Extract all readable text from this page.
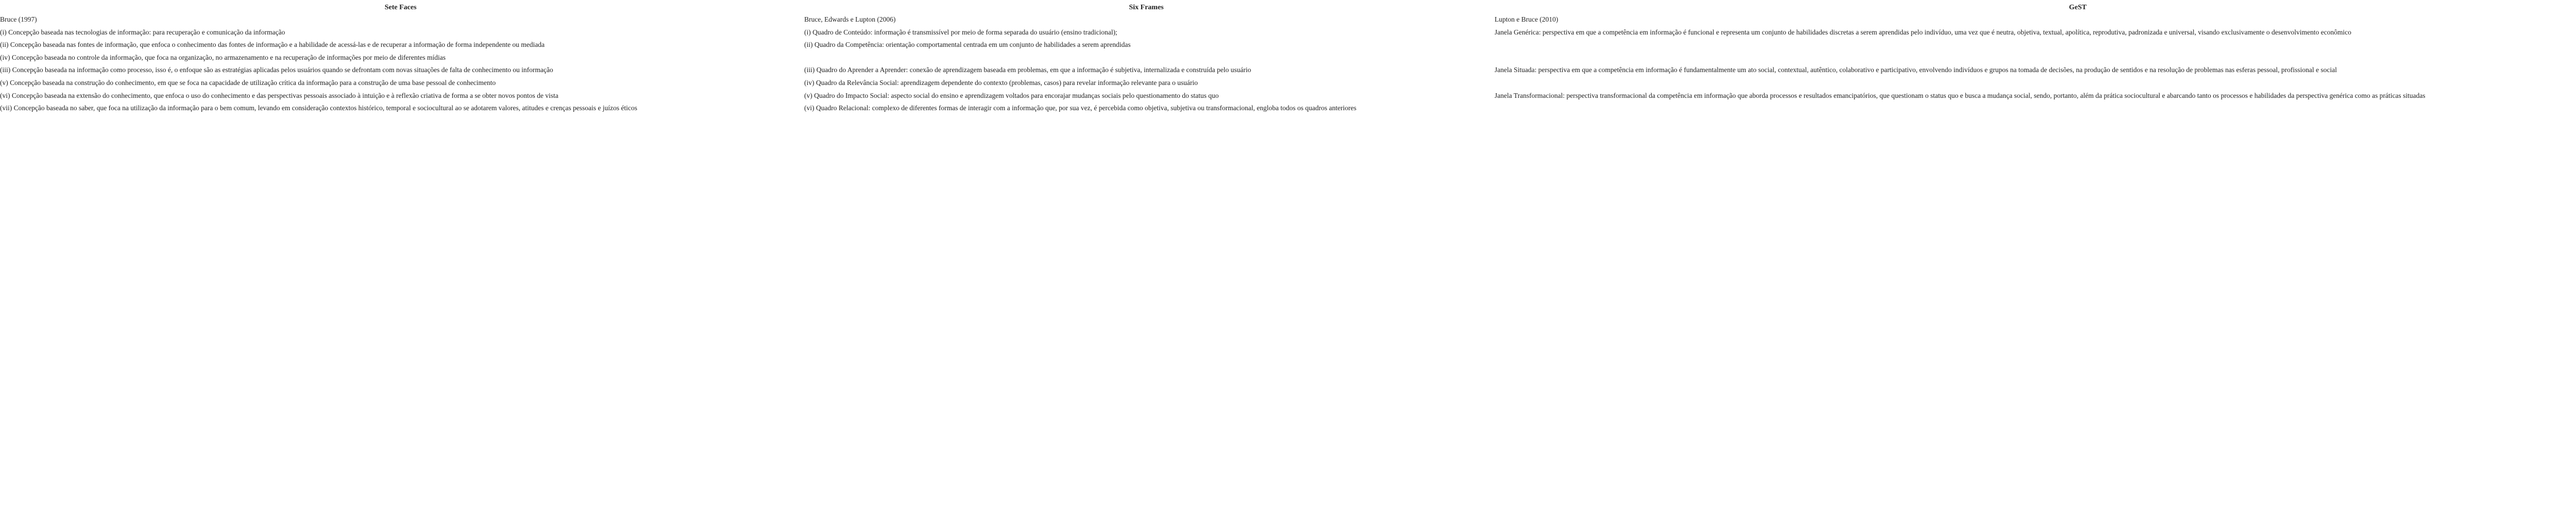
Sete Faces	Six Frames	GeST
Bruce (1997)
(i) Concepção baseada nas tecnologias de informação: para recuperação e comunicação da informação
(ii) Concepção baseada nas fontes de informação, que enfoca o conhecimento das fontes de informação e a habilidade de acessá-las e de recuperar a informação de forma independente ou mediada
(iv) Concepção baseada no controle da informação, que foca na organização, no armazenamento e na recuperação de informações por meio de diferentes mídias
(iii) Concepção baseada na informação como processo, isso é, o enfoque são as estratégias aplicadas pelos usuários quando se defrontam com novas situações de falta de conhecimento ou informação
(v) Concepção baseada na construção do conhecimento, em que se foca na capacidade de utilização crítica da informação para a construção de uma base pessoal de conhecimento
(vi) Concepção baseada na extensão do conhecimento, que enfoca o uso do conhecimento e das perspectivas pessoais associado à intuição e à reflexão criativa de forma a se obter novos pontos de vista
(vii) Concepção baseada no saber, que foca na utilização da informação para o bem comum, levando em consideração contextos histórico, temporal e sociocultural ao se adotarem valores, atitudes e crenças pessoais e juízos éticos
Bruce, Edwards e Lupton (2006)
(i) Quadro de Conteúdo: informação é transmissível por meio de forma separada do usuário (ensino tradicional);
(ii) Quadro da Competência: orientação comportamental centrada em um conjunto de habilidades a serem aprendidas
(iii) Quadro do Aprender a Aprender: conexão de aprendizagem baseada em problemas, em que a informação é subjetiva, internalizada e construída pelo usuário
(iv) Quadro da Relevância Social: aprendizagem dependente do contexto (problemas, casos) para revelar informação relevante para o usuário
(v) Quadro do Impacto Social: aspecto social do ensino e aprendizagem voltados para encorajar mudanças sociais pelo questionamento do status quo
(vi) Quadro Relacional: complexo de diferentes formas de interagir com a informação que, por sua vez, é percebida como objetiva, subjetiva ou transformacional, engloba todos os quadros anteriores
Lupton e Bruce (2010)
Janela Genérica: perspectiva em que a competência em informação é funcional e representa um conjunto de habilidades discretas a serem aprendidas pelo indivíduo, uma vez que é neutra, objetiva, textual, apolítica, reprodutiva, padronizada e universal, visando exclusivamente o desenvolvimento econômico
Janela Situada: perspectiva em que a competência em informação é fundamentalmente um ato social, contextual, autêntico, colaborativo e participativo, envolvendo indivíduos e grupos na tomada de decisões, na produção de sentidos e na resolução de problemas nas esferas pessoal, profissional e social
Janela Transformacional: perspectiva transformacional da competência em informação que aborda processos e resultados emancipatórios, que questionam o status quo e busca a mudança social, sendo, portanto, além da prática sociocultural e abarcando tanto os processos e habilidades da perspectiva genérica como as práticas situadas
